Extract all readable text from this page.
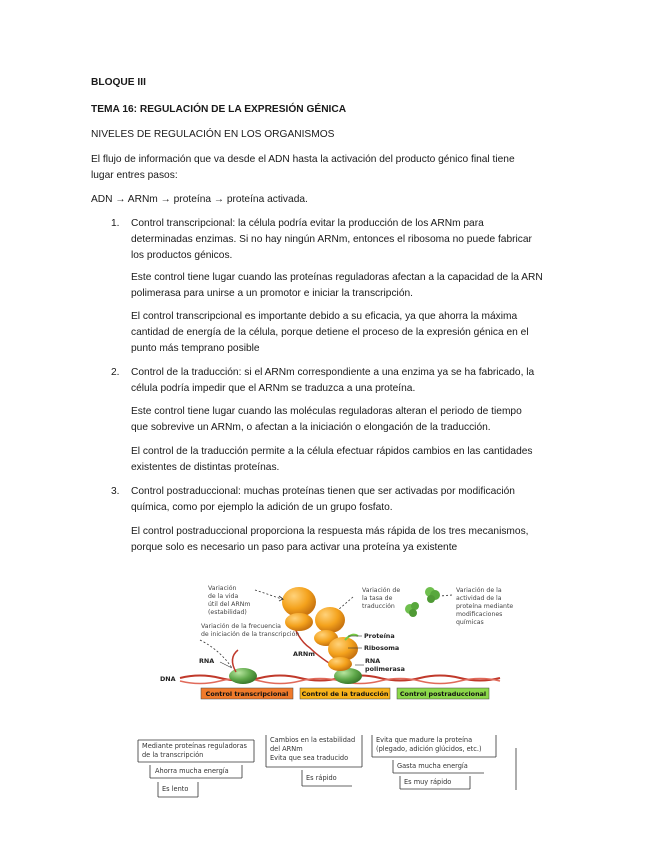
BLOQUE III
TEMA 16: REGULACIÓN DE LA EXPRESIÓN GÉNICA
NIVELES DE REGULACIÓN EN LOS ORGANISMOS
El flujo de información que va desde el ADN hasta la activación del producto génico final tiene
lugar entres pasos:
ADN → ARNm → proteína → proteína activada.
1. Control transcripcional: la célula podría evitar la producción de los ARNm para
determinadas enzimas. Si no hay ningún ARNm, entonces el ribosoma no puede fabricar
los productos génicos.
Este control tiene lugar cuando las proteínas reguladoras afectan a la capacidad de la ARN
polimerasa para unirse a un promotor e iniciar la transcripción.
El control transcripcional es importante debido a su eficacia, ya que ahorra la máxima
cantidad de energía de la célula, porque detiene el proceso de la expresión génica en el
punto más temprano posible
2. Control de la traducción: si el ARNm correspondiente a una enzima ya se ha fabricado, la
célula podría impedir que el ARNm se traduzca a una proteína.
Este control tiene lugar cuando las moléculas reguladoras alteran el periodo de tiempo
que sobrevive un ARNm, o afectan a la iniciación o elongación de la traducción.
El control de la traducción permite a la célula efectuar rápidos cambios en las cantidades
existentes de distintas proteínas.
3. Control postraduccional: muchas proteínas tienen que ser activadas por modificación
química, como por ejemplo la adición de un grupo fosfato.
El control postraduccional proporciona la respuesta más rápida de los tres mecanismos,
porque solo es necesario un paso para activar una proteína ya existente
Variación
de la vida
útil del ARNm
(estabilidad)
Variación de la frecuencia
de iniciación de la transcripción
Variación de
la tasa de
traducción
Variación de la
actividad de la
proteína mediante
modificaciones
químicas
Proteína
Ribosoma
ARNm
RNA	RNA
polimerasa
DNA
Control transcripcional Control de la traducción Control postraduccional
Mediante proteínas reguladoras
de la transcripción
Ahorra mucha energía
Es lento
Cambios en la estabilidad
del ARNm
Evita que sea traducido
Es rápido
Evita que madure la proteína
(plegado, adición glúcidos, etc.)
Gasta mucha energía
Es muy rápido
